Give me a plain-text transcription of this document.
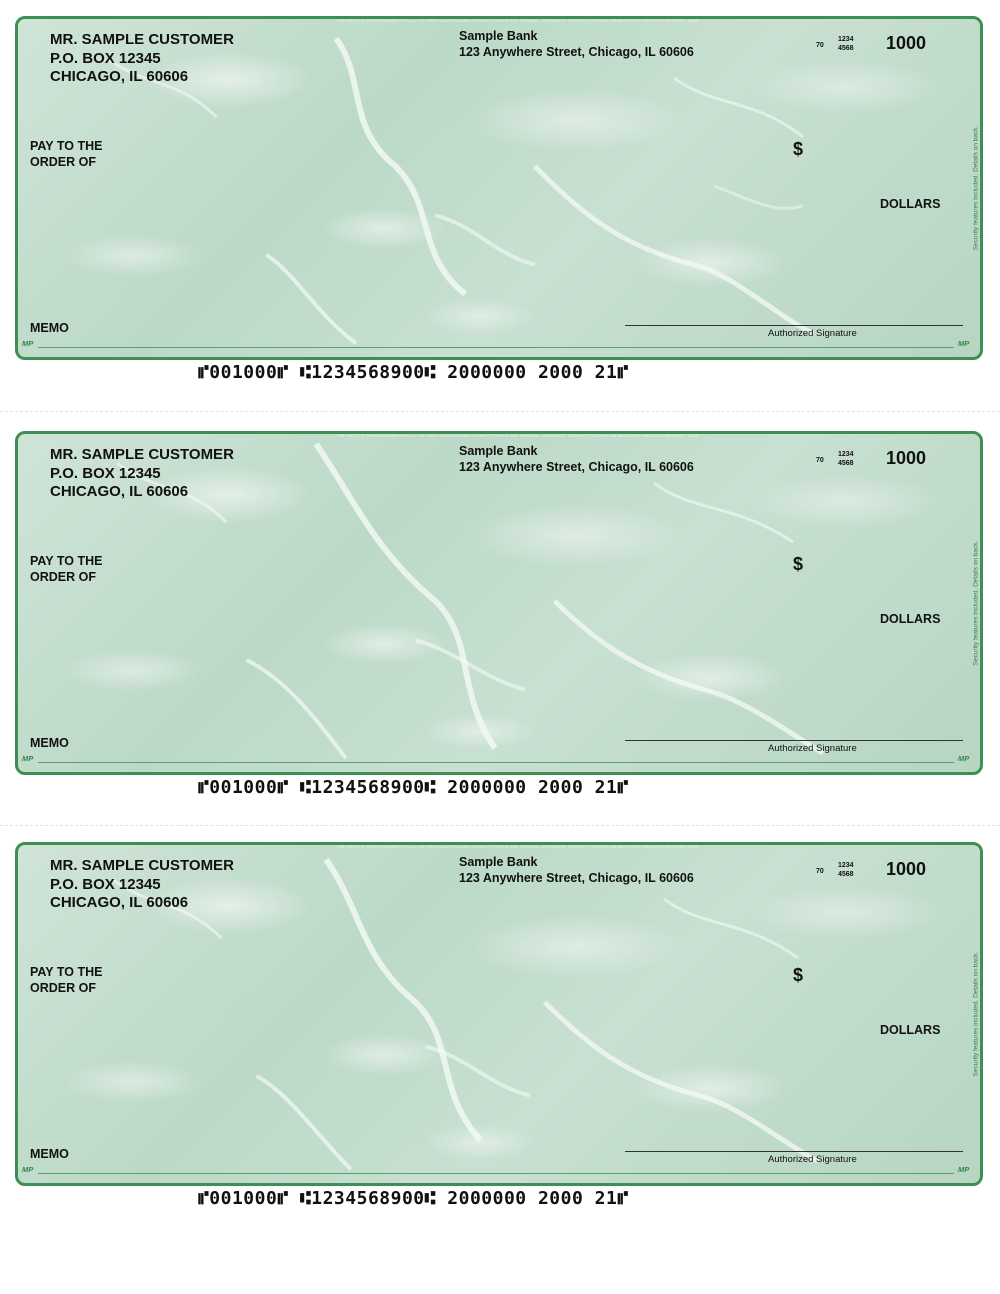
THE FACE OF THIS DOCUMENT HAS A COLORED BACKGROUND ON WHITE PAPER AND ORIGINAL DOCUMENT SECURITY SCREEN ON BACK WITH PADLOCK SECURITY ICON.
MR. SAMPLE CUSTOMER
P.O. BOX 12345
CHICAGO, IL 60606
Sample Bank
123 Anywhere Street, Chicago, IL 60606	70
1234
4568 1000
PAY TO THE
ORDER OF
$
DOLLARS
MEMO	Authorized Signature
MP	MP
Security features included. Details on back.
⑈001000⑈ ⑆1234568900⑆ 2000000 2000 21⑈
THE FACE OF THIS DOCUMENT HAS A COLORED BACKGROUND ON WHITE PAPER AND ORIGINAL DOCUMENT SECURITY SCREEN ON BACK WITH PADLOCK SECURITY ICON.
MR. SAMPLE CUSTOMER
P.O. BOX 12345
CHICAGO, IL 60606
Sample Bank
123 Anywhere Street, Chicago, IL 60606	70
1234
4568 1000
PAY TO THE
ORDER OF
$
DOLLARS
MEMO	Authorized Signature
MP	MP
Security features included. Details on back.
⑈001000⑈ ⑆1234568900⑆ 2000000 2000 21⑈
THE FACE OF THIS DOCUMENT HAS A COLORED BACKGROUND ON WHITE PAPER AND ORIGINAL DOCUMENT SECURITY SCREEN ON BACK WITH PADLOCK SECURITY ICON.
MR. SAMPLE CUSTOMER
P.O. BOX 12345
CHICAGO, IL 60606
Sample Bank
123 Anywhere Street, Chicago, IL 60606	70
1234
4568 1000
PAY TO THE
ORDER OF
$
DOLLARS
MEMO	Authorized Signature
MP	MP
Security features included. Details on back.
⑈001000⑈ ⑆1234568900⑆ 2000000 2000 21⑈
